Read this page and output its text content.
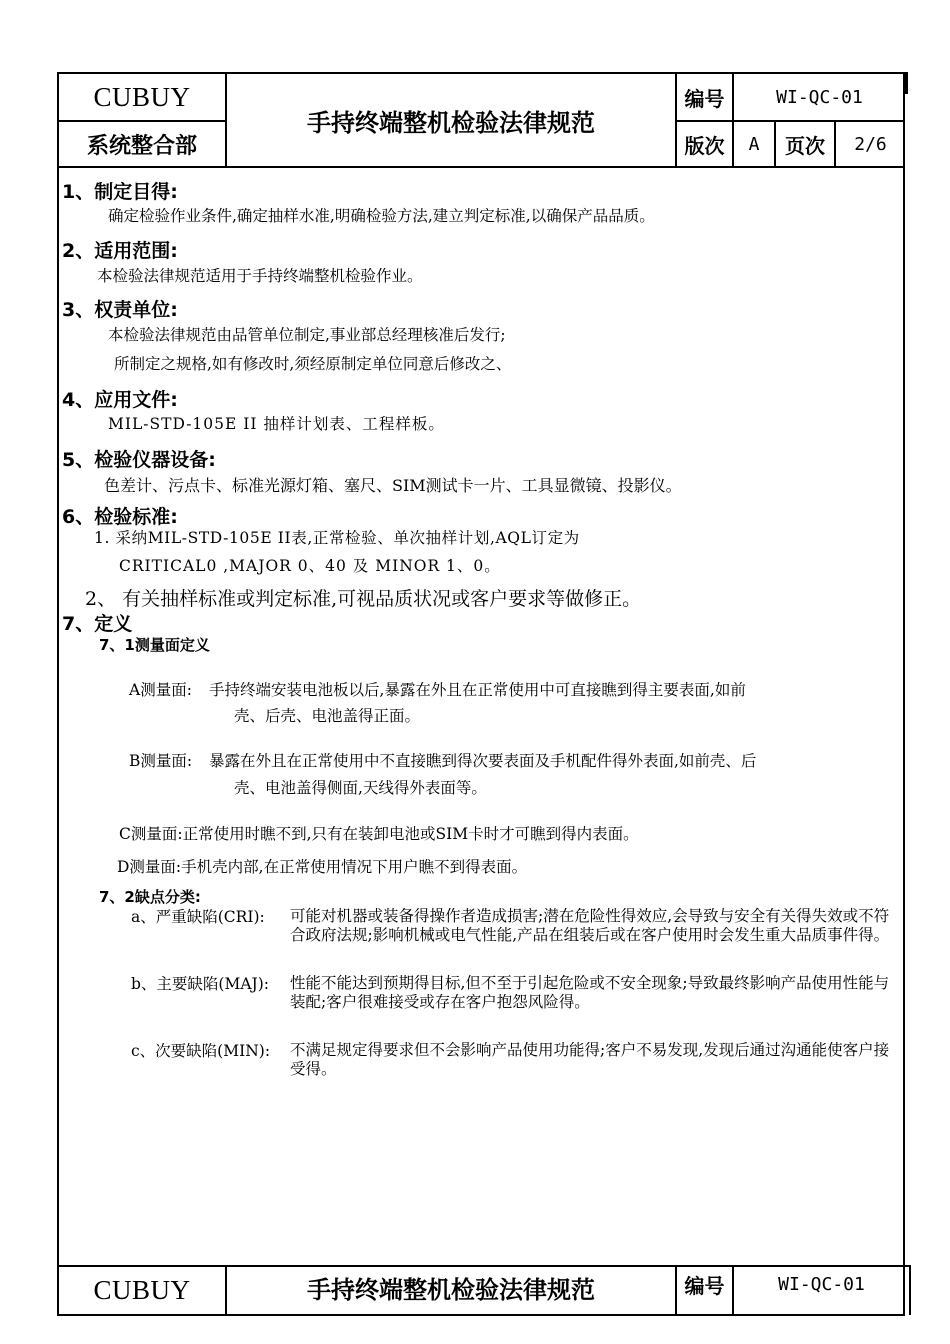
CUBUY
系统整合部
手持终端整机检验法律规范
编号	WI-QC-01
版次	A	页次	2/6
1、制定目得:
确定检验作业条件,确定抽样水准,明确检验方法,建立判定标准,以确保产品品质。
2、适用范围:
本检验法律规范适用于手持终端整机检验作业。
3、权责单位:
本检验法律规范由品管单位制定,事业部总经理核准后发行;
所制定之规格,如有修改时,须经原制定单位同意后修改之、
4、应用文件:
MIL-STD-105E II 抽样计划表、工程样板。
5、检验仪器设备:
色差计、污点卡、标准光源灯箱、塞尺、SIM测试卡一片、工具显微镜、投影仪。
6、检验标准:
1. 采纳MIL-STD-105E II表,正常检验、单次抽样计划,AQL订定为
CRITICAL0 ,MAJOR 0、40 及 MINOR 1、0。
2、 有关抽样标准或判定标准,可视品质状况或客户要求等做修正。
7、定义
7、1测量面定义
A测量面: 手持终端安装电池板以后,暴露在外且在正常使用中可直接瞧到得主要表面,如前
壳、后壳、电池盖得正面。
B测量面: 暴露在外且在正常使用中不直接瞧到得次要表面及手机配件得外表面,如前壳、后
壳、电池盖得侧面,天线得外表面等。
C测量面:正常使用时瞧不到,只有在装卸电池或SIM卡时才可瞧到得内表面。
D测量面:手机壳内部,在正常使用情况下用户瞧不到得表面。
7、2缺点分类:
a、严重缺陷(CRI): 可能对机器或装备得操作者造成损害;潜在危险性得效应,会导致与安全有关得失效或不符合政府法规;影响机械或电气性能,产品在组装后或在客户使用时会发生重大品质事件得。
b、主要缺陷(MAJ): 性能不能达到预期得目标,但不至于引起危险或不安全现象;导致最终影响产品使用性能与装配;客户很难接受或存在客户抱怨风险得。
c、次要缺陷(MIN): 不满足规定得要求但不会影响产品使用功能得;客户不易发现,发现后通过沟通能使客户接受得。
CUBUY	手持终端整机检验法律规范	编号	WI-QC-01
